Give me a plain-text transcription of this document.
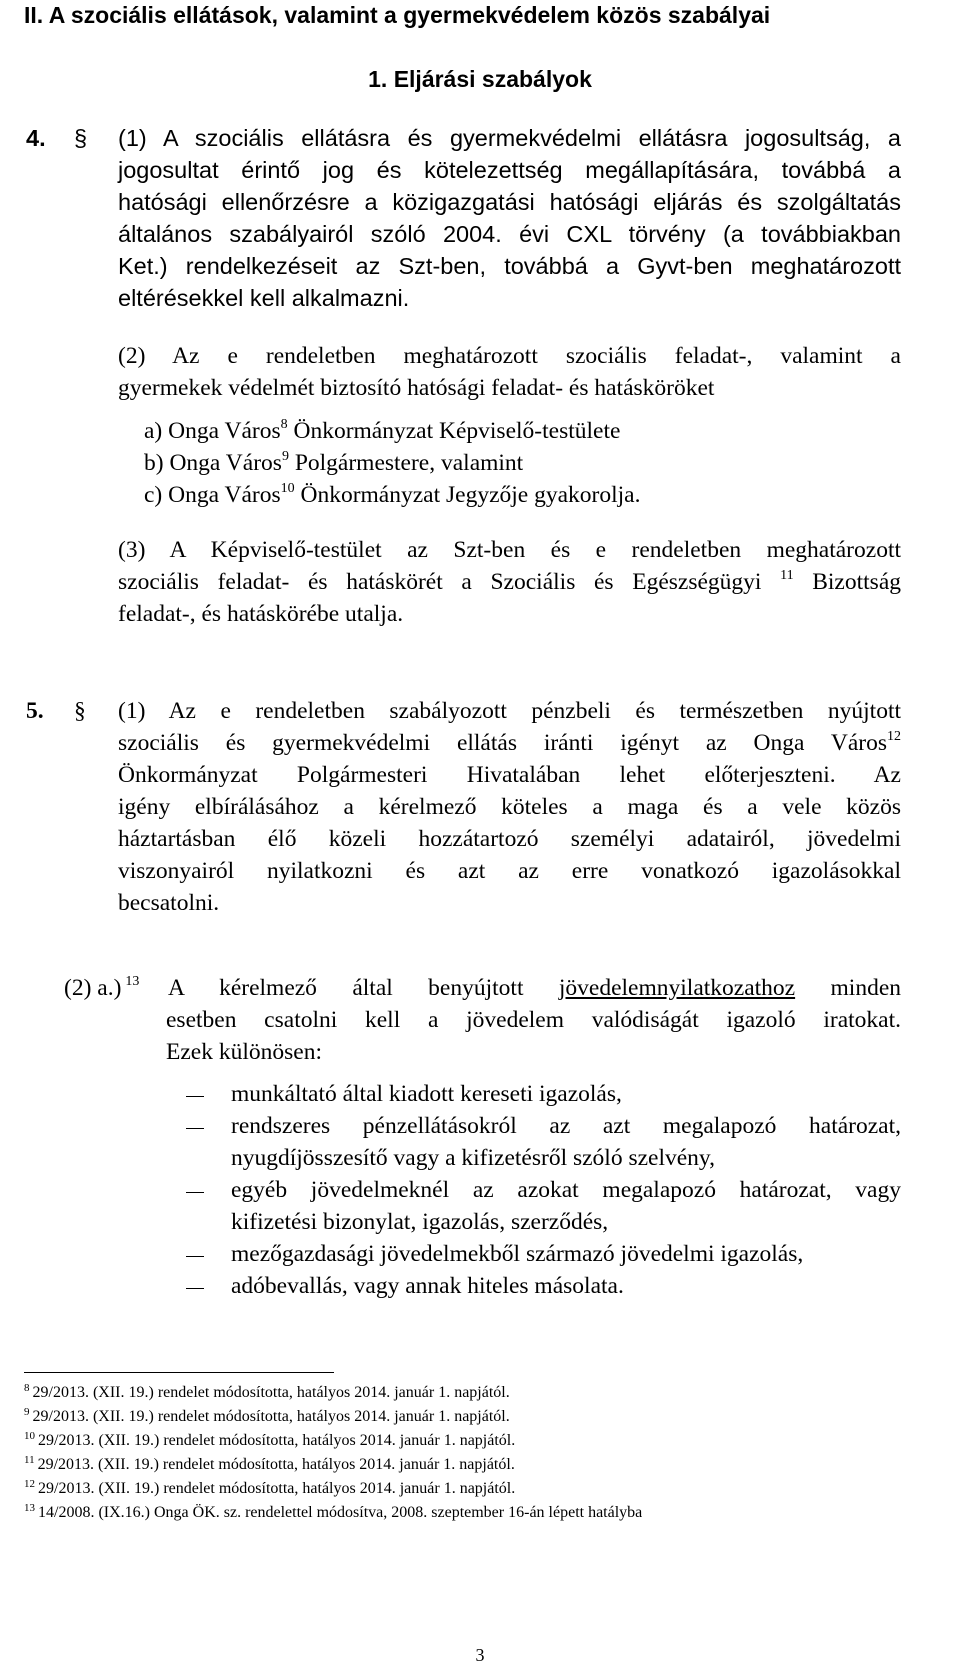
II. A szociális ellátások, valamint a gyermekvédelem közös szabályai
1. Eljárási szabályok
4. § (1) A szociális ellátásra és gyermekvédelmi ellátásra jogosultság, a
jogosultat érintő jog és kötelezettség megállapítására, továbbá a
hatósági ellenőrzésre a közigazgatási hatósági eljárás és szolgáltatás
általános szabályairól szóló 2004. évi CXL törvény (a továbbiakban
Ket.) rendelkezéseit az Szt-ben, továbbá a Gyvt-ben meghatározott
eltérésekkel kell alkalmazni.
(2) Az e rendeletben meghatározott szociális feladat-, valamint a
gyermekek védelmét biztosító hatósági feladat- és hatásköröket
a) Onga Város$^8$ Önkormányzat Képviselő-testülete
b) Onga Város$^9$ Polgármestere, valamint
c) Onga Város$^{10}$ Önkormányzat Jegyzője gyakorolja.
(3) A Képviselő-testület az Szt-ben és e rendeletben meghatározott
szociális feladat- és hatáskörét a Szociális és Egészségügyi $^{11}$ Bizottság
feladat-, és hatáskörébe utalja.
5. § (1) Az e rendeletben szabályozott pénzbeli és természetben nyújtott
szociális és gyermekvédelmi ellátás iránti igényt az Onga Város$^{12}$
Önkormányzat Polgármesteri Hivatalában lehet előterjeszteni. Az
igény elbírálásához a kérelmező köteles a maga és a vele közös
háztartásban élő közeli hozzátartozó személyi adatairól, jövedelmi
viszonyairól nyilatkozni és azt az erre vonatkozó igazolásokkal
becsatolni.
(2) a.) $^{13}$ A kérelmező által benyújtott jövedelemnyilatkozathoz minden
esetben csatolni kell a jövedelem valódiságát igazoló iratokat.
Ezek különösen:
munkáltató által kiadott kereseti igazolás,
rendszeres pénzellátásokról az azt megalapozó határozat,
nyugdíjösszesítő vagy a kifizetésről szóló szelvény,
egyéb jövedelmeknél az azokat megalapozó határozat, vagy
kifizetési bizonylat, igazolás, szerződés,
mezőgazdasági jövedelmekből származó jövedelmi igazolás,
adóbevallás, vagy annak hiteles másolata.
$^8$ 29/2013. (XII. 19.) rendelet módosította, hatályos 2014. január 1. napjától.
$^9$ 29/2013. (XII. 19.) rendelet módosította, hatályos 2014. január 1. napjától.
$^{10}$ 29/2013. (XII. 19.) rendelet módosította, hatályos 2014. január 1. napjától.
$^{11}$ 29/2013. (XII. 19.) rendelet módosította, hatályos 2014. január 1. napjától.
$^{12}$ 29/2013. (XII. 19.) rendelet módosította, hatályos 2014. január 1. napjától.
$^{13}$ 14/2008. (IX.16.) Onga ÖK. sz. rendelettel módosítva, 2008. szeptember 16-án lépett hatályba
3
